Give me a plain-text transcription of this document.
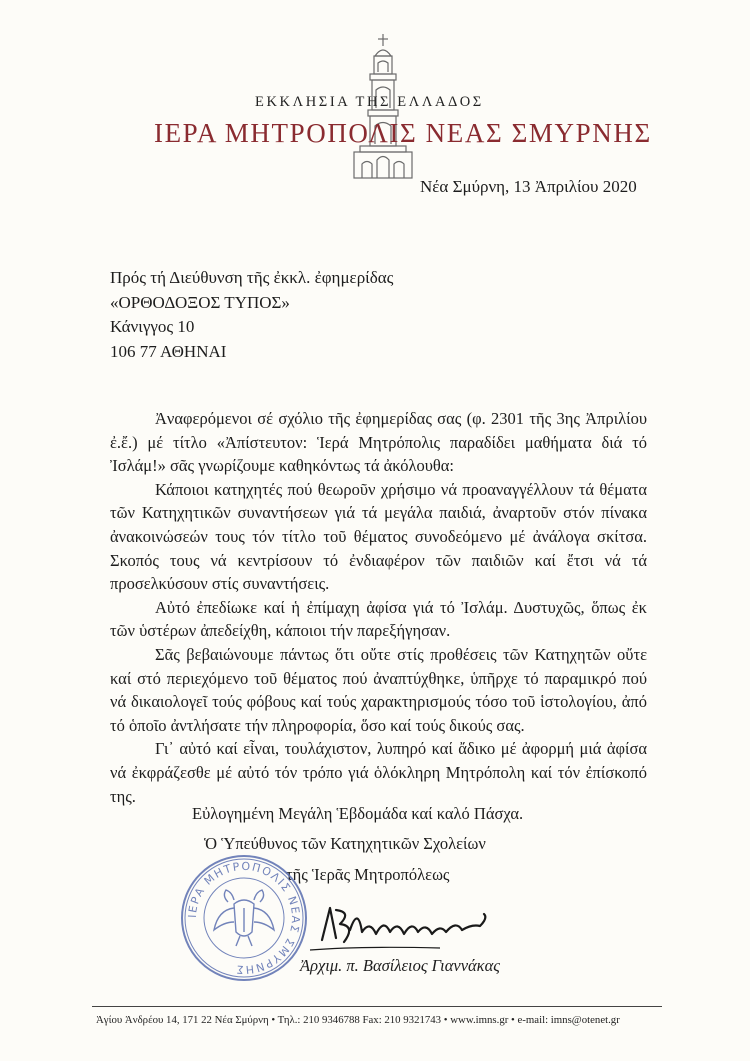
ΕΚΚΛΗΣΙΑ ΤΗΣ ΕΛΛΑΔΟΣ
ΙΕΡΑ ΜΗΤΡΟΠΟΛΙΣ ΝΕΑΣ ΣΜΥΡΝΗΣ
Νέα Σμύρνη, 13 Ἀπριλίου 2020
Πρός τή Διεύθυνση τῆς ἐκκλ. ἐφημερίδας
«ΟΡΘΟΔΟΞΟΣ ΤΥΠΟΣ»
Κάνιγγος 10
106 77 ΑΘΗΝΑΙ

Ἀναφερόμενοι σέ σχόλιο τῆς ἐφημερίδας σας (φ. 2301 τῆς 3ης Ἀπριλίου ἐ.ἔ.) μέ τίτλο «Ἀπίστευτον: Ἱερά Μητρόπολις παραδίδει μαθήματα διά τό Ἰσλάμ!» σᾶς γνωρίζουμε καθηκόντως τά ἀκόλουθα:

Κάποιοι κατηχητές πού θεωροῦν χρήσιμο νά προαναγγέλλουν τά θέματα τῶν Κατηχητικῶν συναντήσεων γιά τά μεγάλα παιδιά, ἀναρτοῦν στόν πίνακα ἀνακοινώσεών τους τόν τίτλο τοῦ θέματος συνοδεόμενο μέ ἀνάλογα σκίτσα. Σκοπός τους νά κεντρίσουν τό ἐνδιαφέρον τῶν παιδιῶν καί ἔτσι νά τά προσελκύσουν στίς συναντήσεις.

Αὐτό ἐπεδίωκε καί ἡ ἐπίμαχη ἀφίσα γιά τό Ἰσλάμ. Δυστυχῶς, ὅπως ἐκ τῶν ὑστέρων ἀπεδείχθη, κάποιοι τήν παρεξήγησαν.

Σᾶς βεβαιώνουμε πάντως ὅτι οὔτε στίς προθέσεις τῶν Κατηχητῶν οὔτε καί στό περιεχόμενο τοῦ θέματος πού ἀναπτύχθηκε, ὑπῆρχε τό παραμικρό πού νά δικαιολογεῖ τούς φόβους καί τούς χαρακτηρισμούς τόσο τοῦ ἱστολογίου, ἀπό τό ὁποῖο ἀντλήσατε τήν πληροφορία, ὅσο καί τούς δικούς σας.

Γι᾽ αὐτό καί εἶναι, τουλάχιστον, λυπηρό καί ἄδικο μέ ἀφορμή μιά ἀφίσα νά ἐκφράζεσθε μέ αὐτό τόν τρόπο γιά ὁλόκληρη Μητρόπολη καί τόν ἐπίσκοπό της.

Εὐλογημένη Μεγάλη Ἑβδομάδα καί καλό Πάσχα.
Ὁ Ὑπεύθυνος τῶν Κατηχητικῶν Σχολείων
τῆς Ἱερᾶς Μητροπόλεως
ΙΕΡΑ ΜΗΤΡΟΠΟΛΙΣ ΝΕΑΣ ΣΜΥΡΝΗΣ	Ἀρχιμ. π. Βασίλειος Γιαννάκας
Ἁγίου Ἀνδρέου 14, 171 22 Νέα Σμύρνη • Τηλ.: 210 9346788 Fax: 210 9321743 • www.imns.gr • e-mail: imns@otenet.gr
